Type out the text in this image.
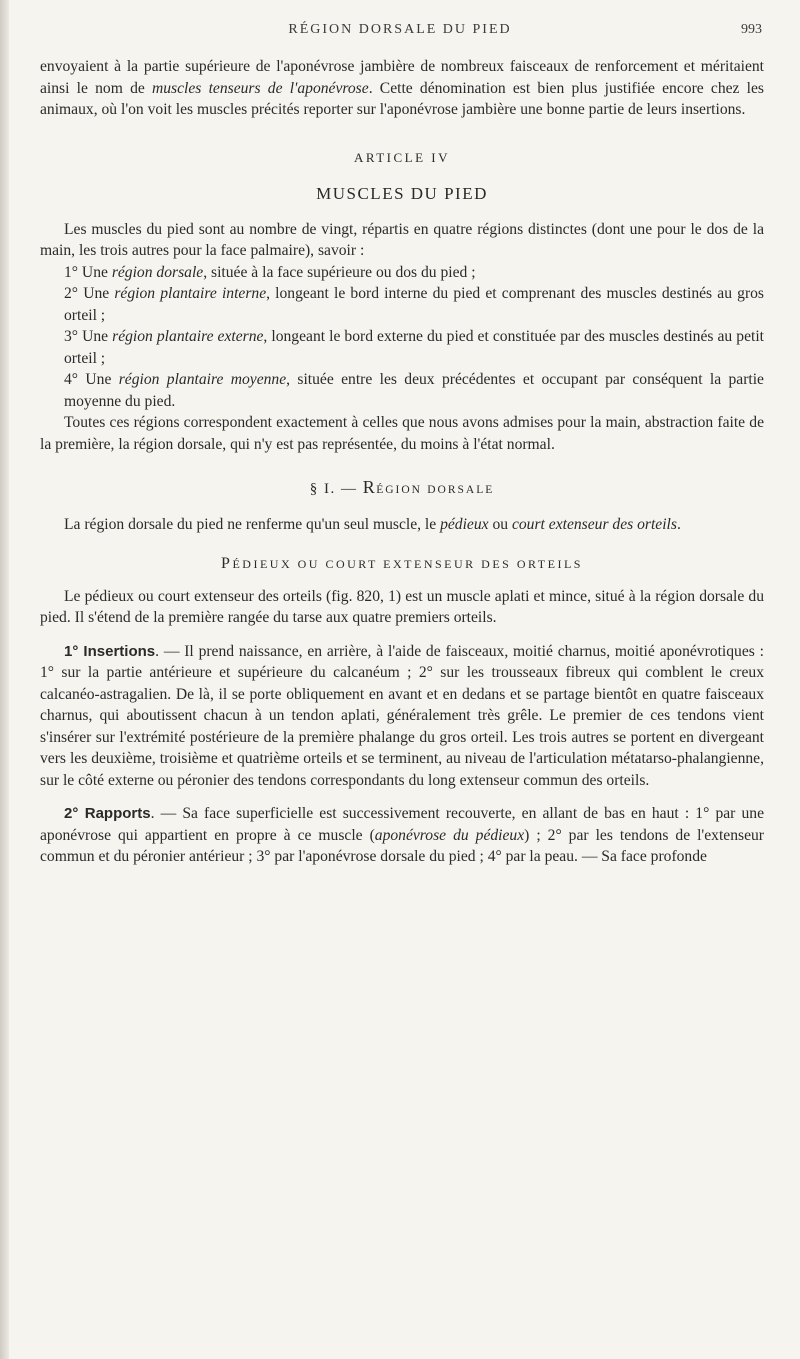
RÉGION DORSALE DU PIED	993

envoyaient à la partie supérieure de l'aponévrose jambière de nombreux faisceaux de renforcement et méritaient ainsi le nom de muscles tenseurs de l'aponévrose. Cette dénomination est bien plus justifiée encore chez les animaux, où l'on voit les muscles précités reporter sur l'aponévrose jambière une bonne partie de leurs insertions.

ARTICLE IV
MUSCLES DU PIED

Les muscles du pied sont au nombre de vingt, répartis en quatre régions distinctes (dont une pour le dos de la main, les trois autres pour la face palmaire), savoir :

1° Une région dorsale, située à la face supérieure ou dos du pied ;

2° Une région plantaire interne, longeant le bord interne du pied et comprenant des muscles destinés au gros orteil ;

3° Une région plantaire externe, longeant le bord externe du pied et constituée par des muscles destinés au petit orteil ;

4° Une région plantaire moyenne, située entre les deux précédentes et occupant par conséquent la partie moyenne du pied.

Toutes ces régions correspondent exactement à celles que nous avons admises pour la main, abstraction faite de la première, la région dorsale, qui n'y est pas représentée, du moins à l'état normal.

§ I. — RÉGION DORSALE

La région dorsale du pied ne renferme qu'un seul muscle, le pédieux ou court extenseur des orteils.

PÉDIEUX OU COURT EXTENSEUR DES ORTEILS

Le pédieux ou court extenseur des orteils (fig. 820, 1) est un muscle aplati et mince, situé à la région dorsale du pied. Il s'étend de la première rangée du tarse aux quatre premiers orteils.

1° Insertions. — Il prend naissance, en arrière, à l'aide de faisceaux, moitié charnus, moitié aponévrotiques : 1° sur la partie antérieure et supérieure du calcanéum ; 2° sur les trousseaux fibreux qui comblent le creux calcanéo-astragalien. De là, il se porte obliquement en avant et en dedans et se partage bientôt en quatre faisceaux charnus, qui aboutissent chacun à un tendon aplati, généralement très grêle. Le premier de ces tendons vient s'insérer sur l'extrémité postérieure de la première phalange du gros orteil. Les trois autres se portent en divergeant vers les deuxième, troisième et quatrième orteils et se terminent, au niveau de l'articulation métatarso-phalangienne, sur le côté externe ou péronier des tendons correspondants du long extenseur commun des orteils.

2° Rapports. — Sa face superficielle est successivement recouverte, en allant de bas en haut : 1° par une aponévrose qui appartient en propre à ce muscle (aponévrose du pédieux) ; 2° par les tendons de l'extenseur commun et du péronier antérieur ; 3° par l'aponévrose dorsale du pied ; 4° par la peau. — Sa face profonde
